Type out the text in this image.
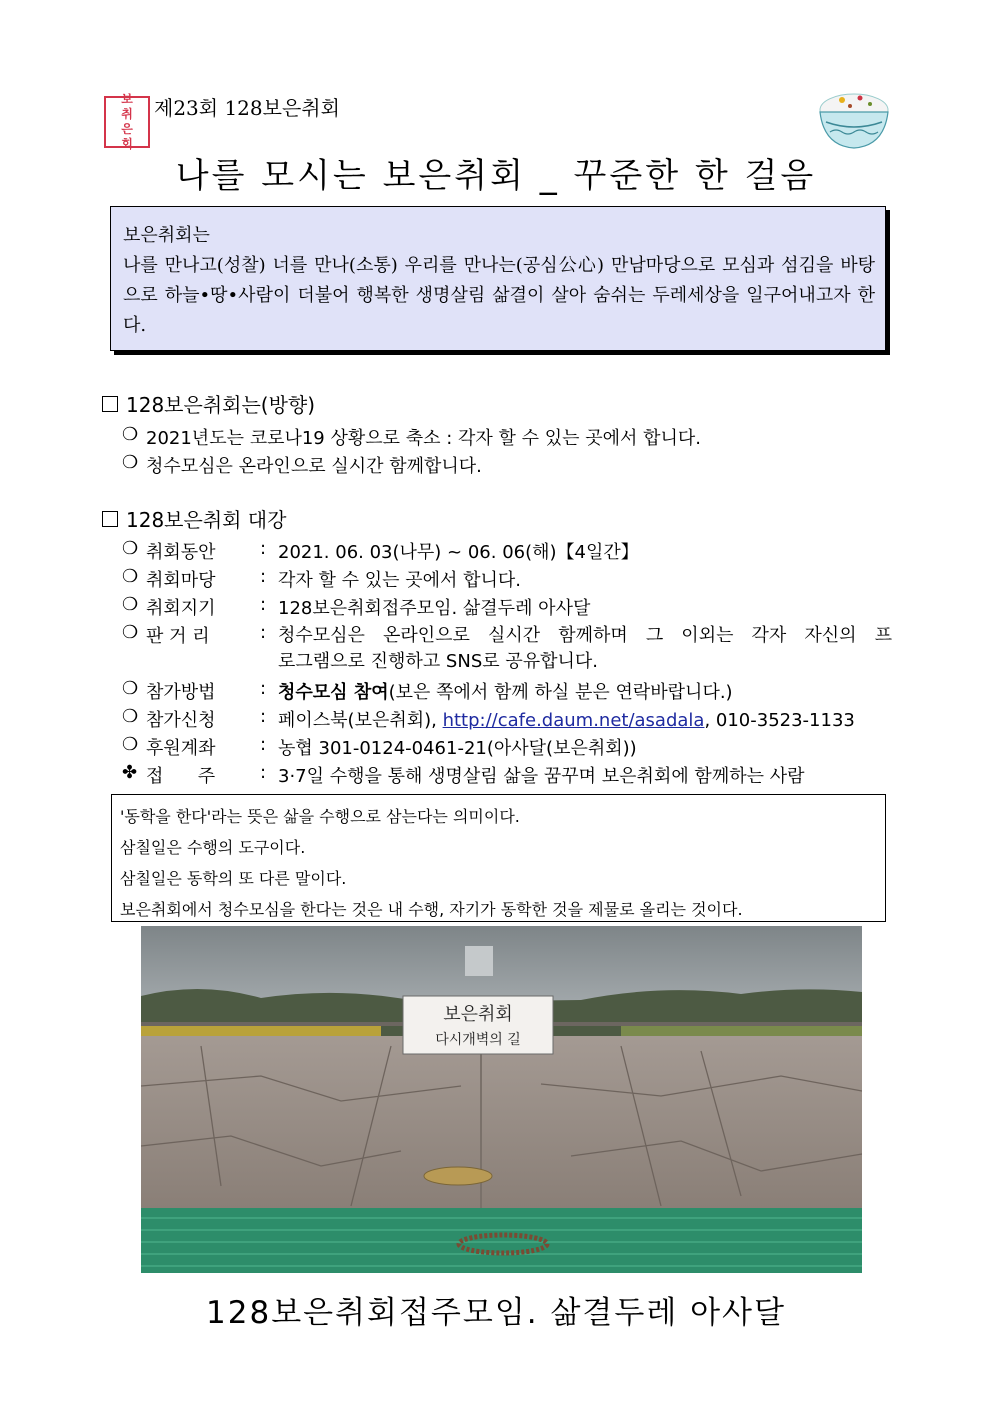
보
취
은
회
제23회 128보은취회
나를 모시는 보은취회 _ 꾸준한 한 걸음

보은취회는

나를 만나고(성찰) 너를 만나(소통) 우리를 만나는(공심公心) 만남마당으로 모심과 섬김을 바탕으로 하늘•땅•사람이 더불어 행복한 생명살림 삶결이 살아 숨쉬는 두레세상을 일구어내고자 한다.

128보은취회는(방향)
❍ 2021년도는 코로나19 상황으로 축소 : 각자 할 수 있는 곳에서 합니다.
❍ 청수모심은 온라인으로 실시간 함께합니다.
128보은취회 대강
❍ 취회동안	: 2021. 06. 03(나무) ~ 06. 06(해)【4일간】
❍ 취회마당	: 각자 할 수 있는 곳에서 합니다.
❍ 취회지기	: 128보은취회접주모임. 삶결두레 아사달
❍ 판 거 리	: 청수모심은 온라인으로 실시간 함께하며 그 이외는 각자 자신의 프
로그램으로 진행하고 SNS로 공유합니다.
❍ 참가방법	: 청수모심 참여(보은 쪽에서 함께 하실 분은 연락바랍니다.)
❍ 참가신청	: 페이스북(보은취회), http://cafe.daum.net/asadala, 010-3523-1133
❍ 후원계좌	: 농협 301-0124-0461-21(아사달(보은취회))
✤ 접      주	: 3·7일 수행을 통해 생명살림 삶을 꿈꾸며 보은취회에 함께하는 사람

'동학을 한다'라는 뜻은 삶을 수행으로 삼는다는 의미이다.

삼칠일은 수행의 도구이다.

삼칠일은 동학의 또 다른 말이다.

보은취회에서 청수모심을 한다는 것은 내 수행, 자기가 동학한 것을 제물로 올리는 것이다.

보은취회
다시개벽의 길
128보은취회접주모임. 삶결두레 아사달
